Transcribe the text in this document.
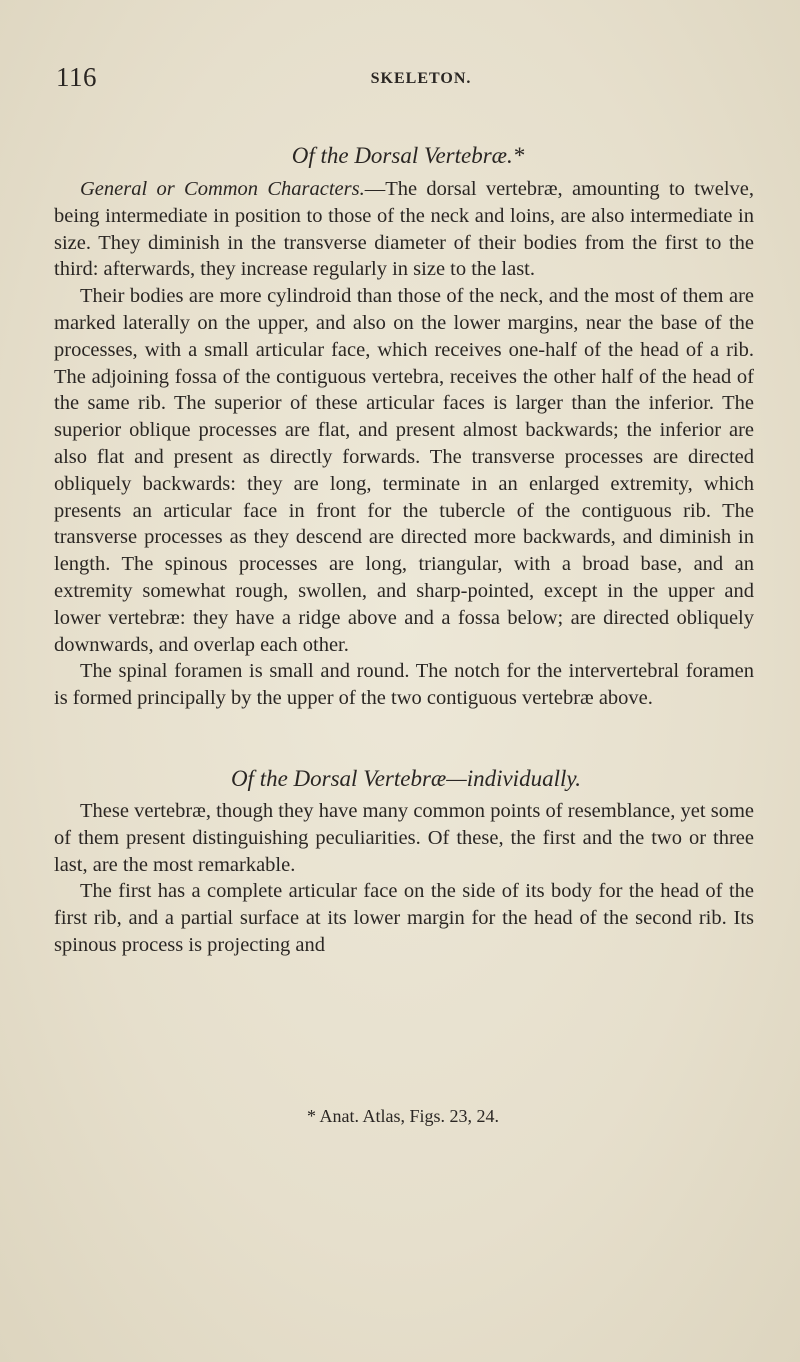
116	SKELETON.
Of the Dorsal Vertebræ.*

General or Common Characters.—The dorsal vertebræ, amounting to twelve, being intermediate in position to those of the neck and loins, are also intermediate in size. They diminish in the transverse diameter of their bodies from the first to the third: afterwards, they increase regularly in size to the last.

Their bodies are more cylindroid than those of the neck, and the most of them are marked laterally on the upper, and also on the lower margins, near the base of the processes, with a small articular face, which receives one-half of the head of a rib. The adjoining fossa of the contiguous vertebra, receives the other half of the head of the same rib. The superior of these articular faces is larger than the inferior. The superior oblique processes are flat, and present almost backwards; the inferior are also flat and present as directly forwards. The transverse processes are directed obliquely backwards: they are long, terminate in an enlarged extremity, which presents an articular face in front for the tubercle of the contiguous rib. The transverse processes as they descend are directed more backwards, and diminish in length. The spinous processes are long, triangular, with a broad base, and an extremity somewhat rough, swollen, and sharp-pointed, except in the upper and lower vertebræ: they have a ridge above and a fossa below; are directed obliquely downwards, and overlap each other.

The spinal foramen is small and round. The notch for the intervertebral foramen is formed principally by the upper of the two contiguous vertebræ above.

Of the Dorsal Vertebræ—individually.

These vertebræ, though they have many common points of resemblance, yet some of them present distinguishing peculiarities. Of these, the first and the two or three last, are the most remarkable.

The first has a complete articular face on the side of its body for the head of the first rib, and a partial surface at its lower margin for the head of the second rib. Its spinous process is projecting and

* Anat. Atlas, Figs. 23, 24.
